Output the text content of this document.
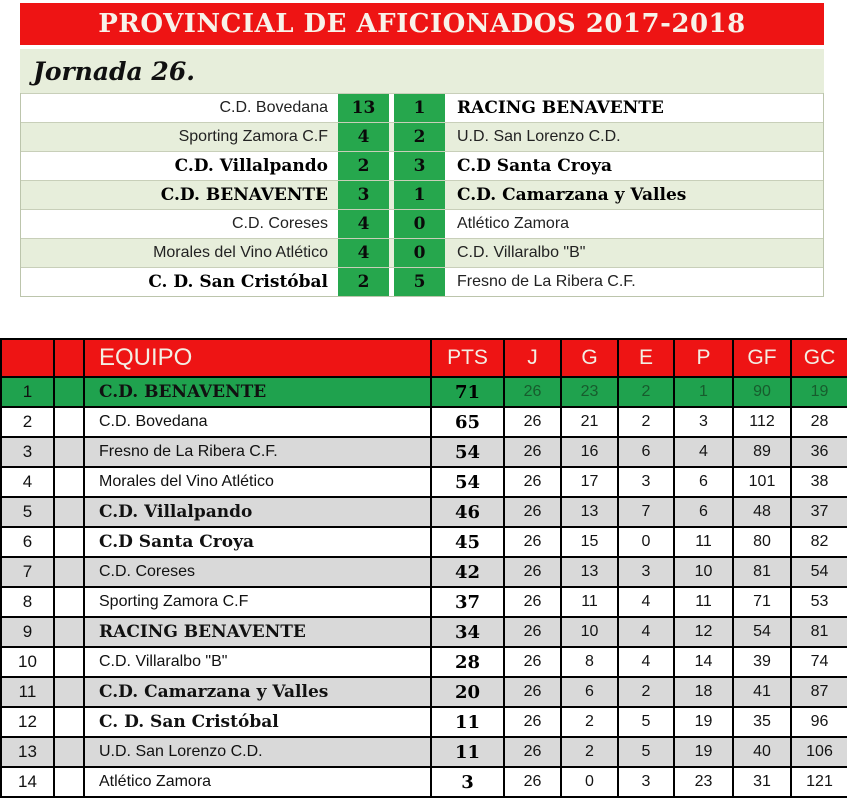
PROVINCIAL DE AFICIONADOS 2017-2018
Jornada 26.
C.D. Bovedana	13	1	RACING BENAVENTE
Sporting Zamora C.F	4	2	U.D. San Lorenzo C.D.
C.D. Villalpando	2	3	C.D Santa Croya
C.D. BENAVENTE	3	1	C.D. Camarzana y Valles
C.D. Coreses	4	0	Atlético Zamora
Morales del Vino Atlético	4	0	C.D. Villaralbo "B"
C. D. San Cristóbal	2	5	Fresno de La Ribera C.F.
		EQUIPO	PTS	J	G	E	P	GF	GC
1		C.D. BENAVENTE	71	26	23	2	1	90	19
2		C.D. Bovedana	65	26	21	2	3	112	28
3		Fresno de La Ribera C.F.	54	26	16	6	4	89	36
4		Morales del Vino Atlético	54	26	17	3	6	101	38
5		C.D. Villalpando	46	26	13	7	6	48	37
6		C.D Santa Croya	45	26	15	0	11	80	82
7		C.D. Coreses	42	26	13	3	10	81	54
8		Sporting Zamora C.F	37	26	11	4	11	71	53
9		RACING BENAVENTE	34	26	10	4	12	54	81
10		C.D. Villaralbo "B"	28	26	8	4	14	39	74
11		C.D. Camarzana y Valles	20	26	6	2	18	41	87
12		C. D. San Cristóbal	11	26	2	5	19	35	96
13		U.D. San Lorenzo C.D.	11	26	2	5	19	40	106
14		Atlético Zamora	3	26	0	3	23	31	121
